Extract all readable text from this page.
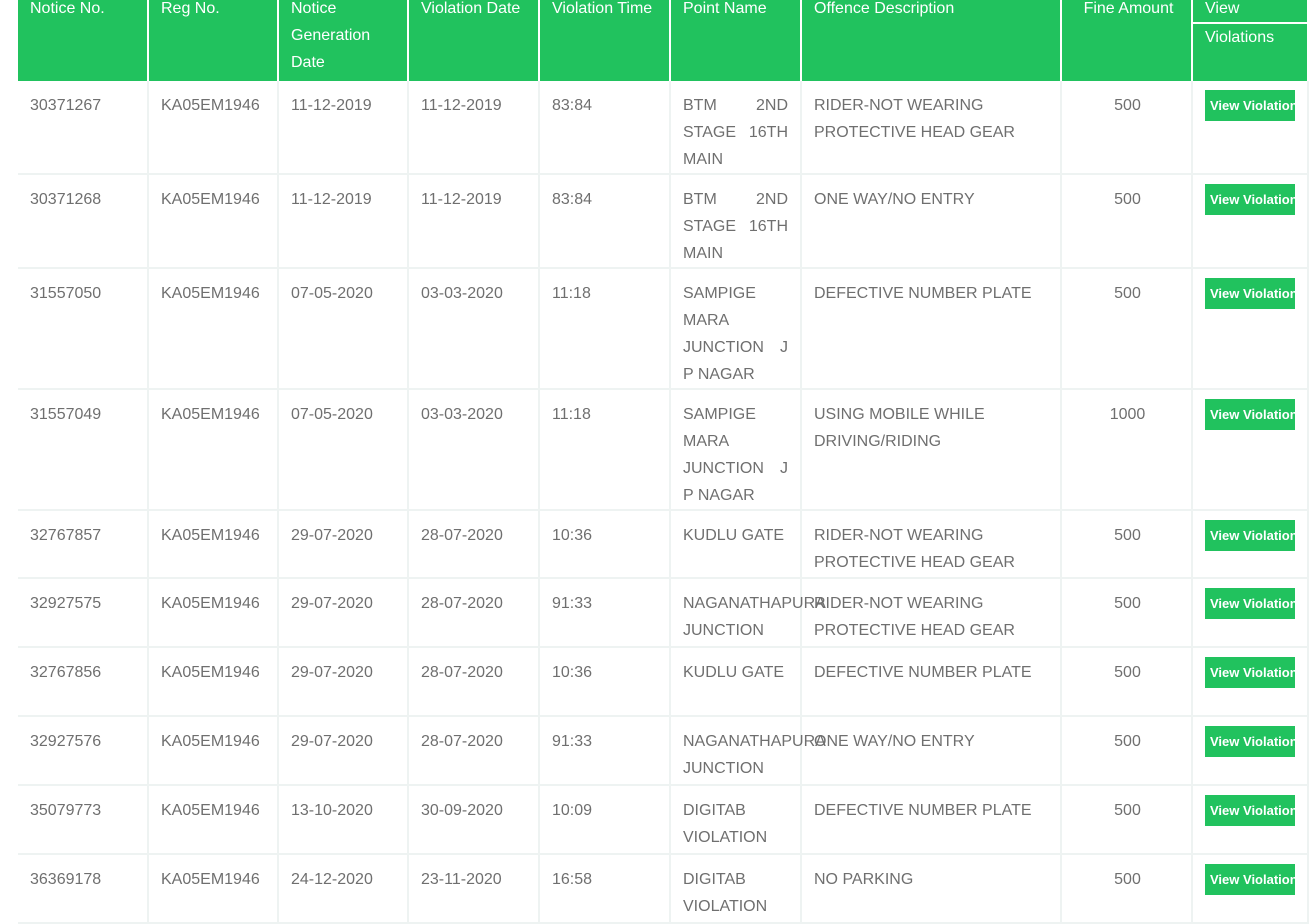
Notice No.	Reg No.	Notice Generation Date	Violation Date	Violation Time	Point Name	Offence Description	Fine Amount	View
Violations
30371267	KA05EM1946	11-12-2019	11-12-2019	83:84	BTM 2ND STAGE 16TH MAIN	RIDER-NOT WEARING PROTECTIVE HEAD GEAR	500	View Violations
30371268	KA05EM1946	11-12-2019	11-12-2019	83:84	BTM 2ND STAGE 16TH MAIN	ONE WAY/NO ENTRY	500	View Violations
31557050	KA05EM1946	07-05-2020	03-03-2020	11:18	SAMPIGE MARA JUNCTION J P NAGAR	DEFECTIVE NUMBER PLATE	500	View Violations
31557049	KA05EM1946	07-05-2020	03-03-2020	11:18	SAMPIGE MARA JUNCTION J P NAGAR	USING MOBILE WHILE DRIVING/RIDING	1000	View Violations
32767857	KA05EM1946	29-07-2020	28-07-2020	10:36	KUDLU GATE	RIDER-NOT WEARING PROTECTIVE HEAD GEAR	500	View Violations
32927575	KA05EM1946	29-07-2020	28-07-2020	91:33	NAGANATHAPURA JUNCTION	RIDER-NOT WEARING PROTECTIVE HEAD GEAR	500	View Violations
32767856	KA05EM1946	29-07-2020	28-07-2020	10:36	KUDLU GATE	DEFECTIVE NUMBER PLATE	500	View Violations
32927576	KA05EM1946	29-07-2020	28-07-2020	91:33	NAGANATHAPURA JUNCTION	ONE WAY/NO ENTRY	500	View Violations
35079773	KA05EM1946	13-10-2020	30-09-2020	10:09	DIGITAB VIOLATION	DEFECTIVE NUMBER PLATE	500	View Violations
36369178	KA05EM1946	24-12-2020	23-11-2020	16:58	DIGITAB VIOLATION	NO PARKING	500	View Violations
